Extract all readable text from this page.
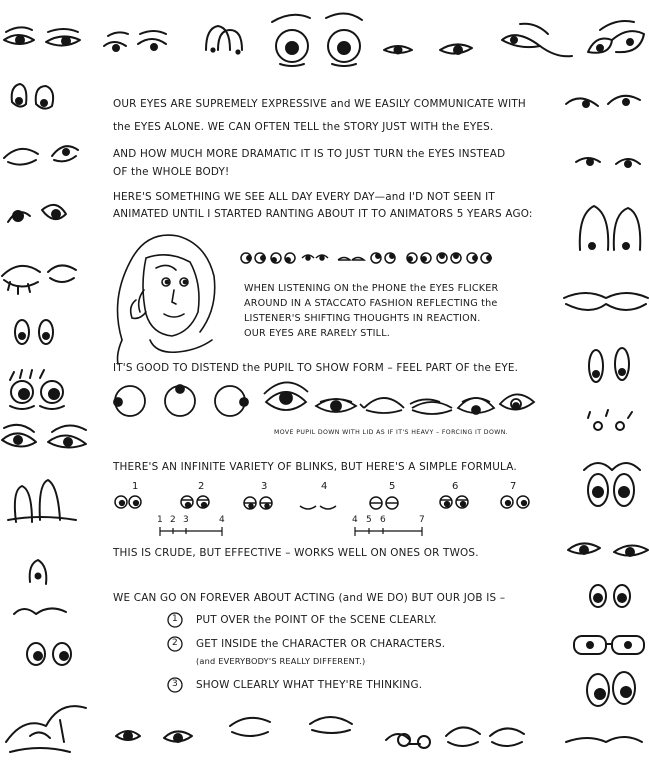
OUR EYES ARE SUPREMELY EXPRESSIVE and WE EASILY COMMUNICATE WITH
the EYES ALONE. WE CAN OFTEN TELL the STORY JUST WITH the EYES.
AND HOW MUCH MORE DRAMATIC IT IS TO JUST TURN the EYES INSTEAD
OF the WHOLE BODY!
HERE'S SOMETHING WE SEE ALL DAY EVERY DAY—and I'D NOT SEEN IT
ANIMATED UNTIL I STARTED RANTING ABOUT IT TO ANIMATORS 5 YEARS AGO:
WHEN LISTENING ON the PHONE the EYES FLICKER
AROUND IN A STACCATO FASHION REFLECTING the
LISTENER'S SHIFTING THOUGHTS IN REACTION.
OUR EYES ARE RARELY STILL.
IT'S GOOD TO DISTEND the PUPIL TO SHOW FORM – FEEL PART OF the EYE.
MOVE PUPIL DOWN WITH LID AS IF IT'S HEAVY – FORCING IT DOWN.
THERE'S AN INFINITE VARIETY OF BLINKS, BUT HERE'S A SIMPLE FORMULA.
1	2	3	4	5	6	7
1 2 3	4	4 5 6	7
THIS IS CRUDE, BUT EFFECTIVE – WORKS WELL ON ONES OR TWOS.
WE CAN GO ON FOREVER ABOUT ACTING (and WE DO) BUT OUR JOB IS –
1 PUT OVER the POINT OF the SCENE CLEARLY.
2 GET INSIDE the CHARACTER OR CHARACTERS.
(and EVERYBODY'S REALLY DIFFERENT.)
3 SHOW CLEARLY WHAT THEY'RE THINKING.
